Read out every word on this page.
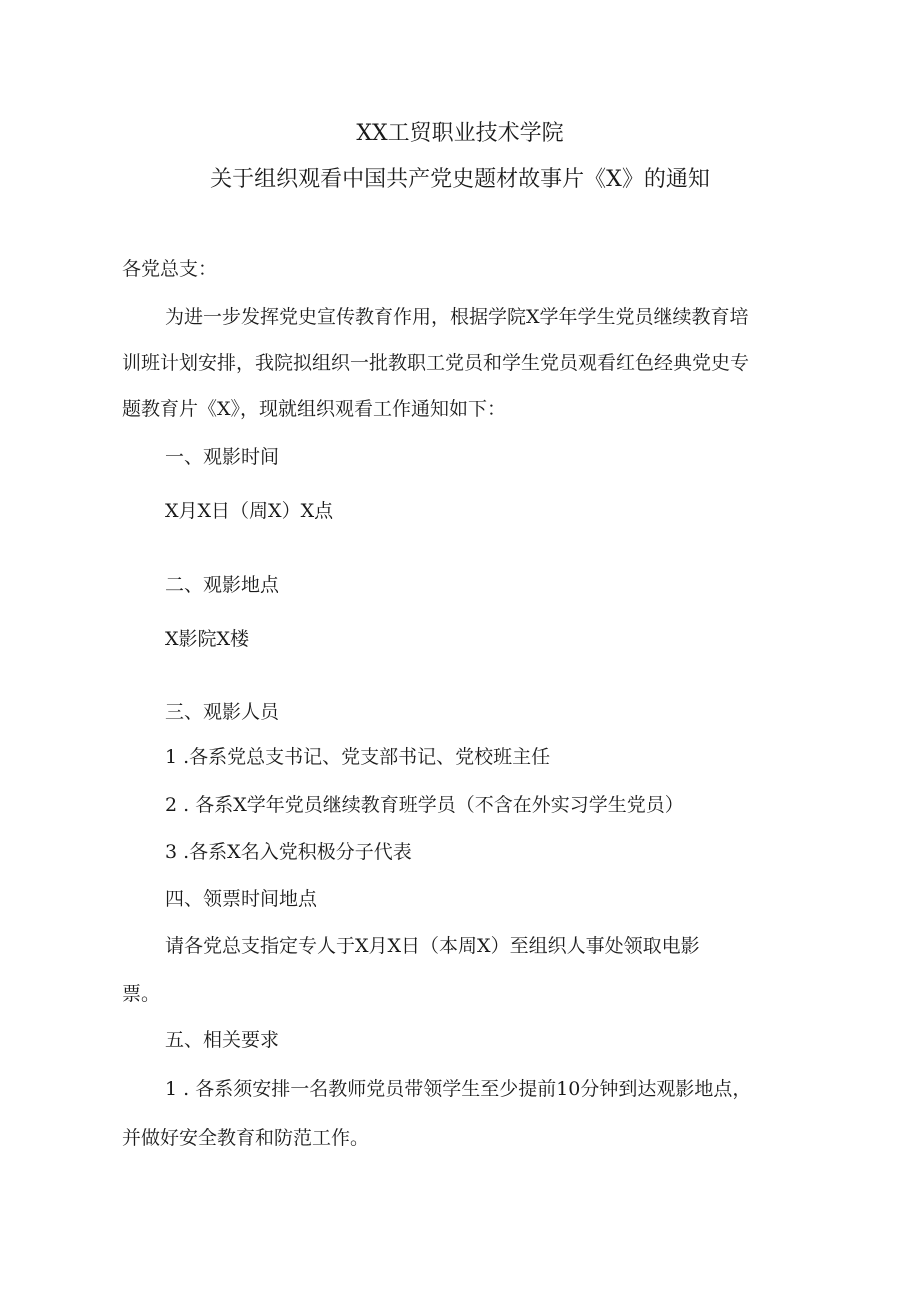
XX工贸职业技术学院
关于组织观看中国共产党史题材故事片《X》的通知
各党总支：
为进一步发挥党史宣传教育作用，根据学院X学年学生党员继续教育培
训班计划安排，我院拟组织一批教职工党员和学生党员观看红色经典党史专
题教育片《X》，现就组织观看工作通知如下：
一、观影时间
X月X日（周X）X点
二、观影地点
X影院X楼
三、观影人员
1 .各系党总支书记、党支部书记、党校班主任
2 . 各系X学年党员继续教育班学员（不含在外实习学生党员）
3 .各系X名入党积极分子代表
四、领票时间地点
请各党总支指定专人于X月X日（本周X）至组织人事处领取电影
票。
五、相关要求
1 . 各系须安排一名教师党员带领学生至少提前10分钟到达观影地点，
并做好安全教育和防范工作。
